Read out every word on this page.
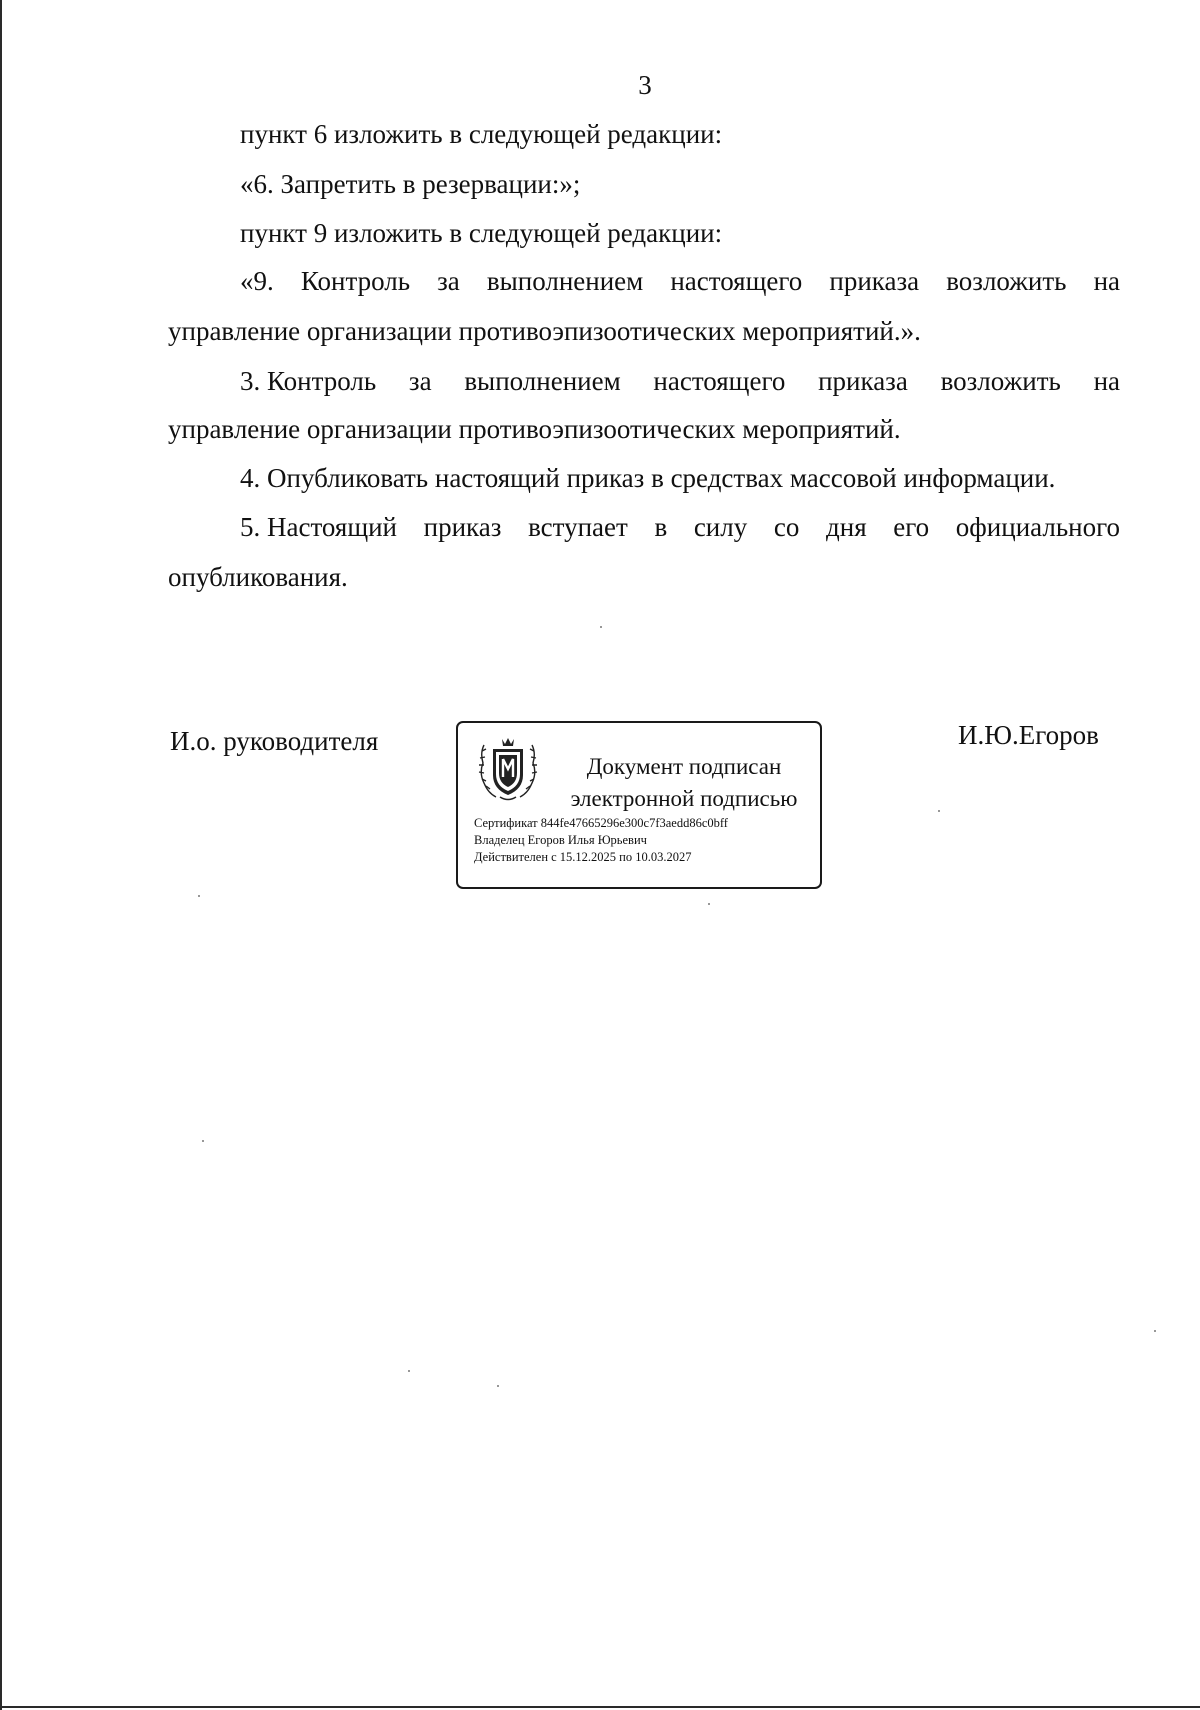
3
пункт 6 изложить в следующей редакции:
«6. Запретить в резервации:»;
пункт 9 изложить в следующей редакции:
«9. Контроль за выполнением настоящего приказа возложить на
управление организации противоэпизоотических мероприятий.».
3. Контроль за выполнением настоящего приказа возложить на
управление организации противоэпизоотических мероприятий.
4. Опубликовать настоящий приказ в средствах массовой информации.
5. Настоящий приказ вступает в силу со дня его официального
опубликования.
И.о. руководителя
Документ подписан
электронной подписью
Сертификат 844fe47665296e300c7f3aedd86c0bff
Владелец Егоров Илья Юрьевич
Действителен с 15.12.2025 по 10.03.2027
И.Ю.Егоров
